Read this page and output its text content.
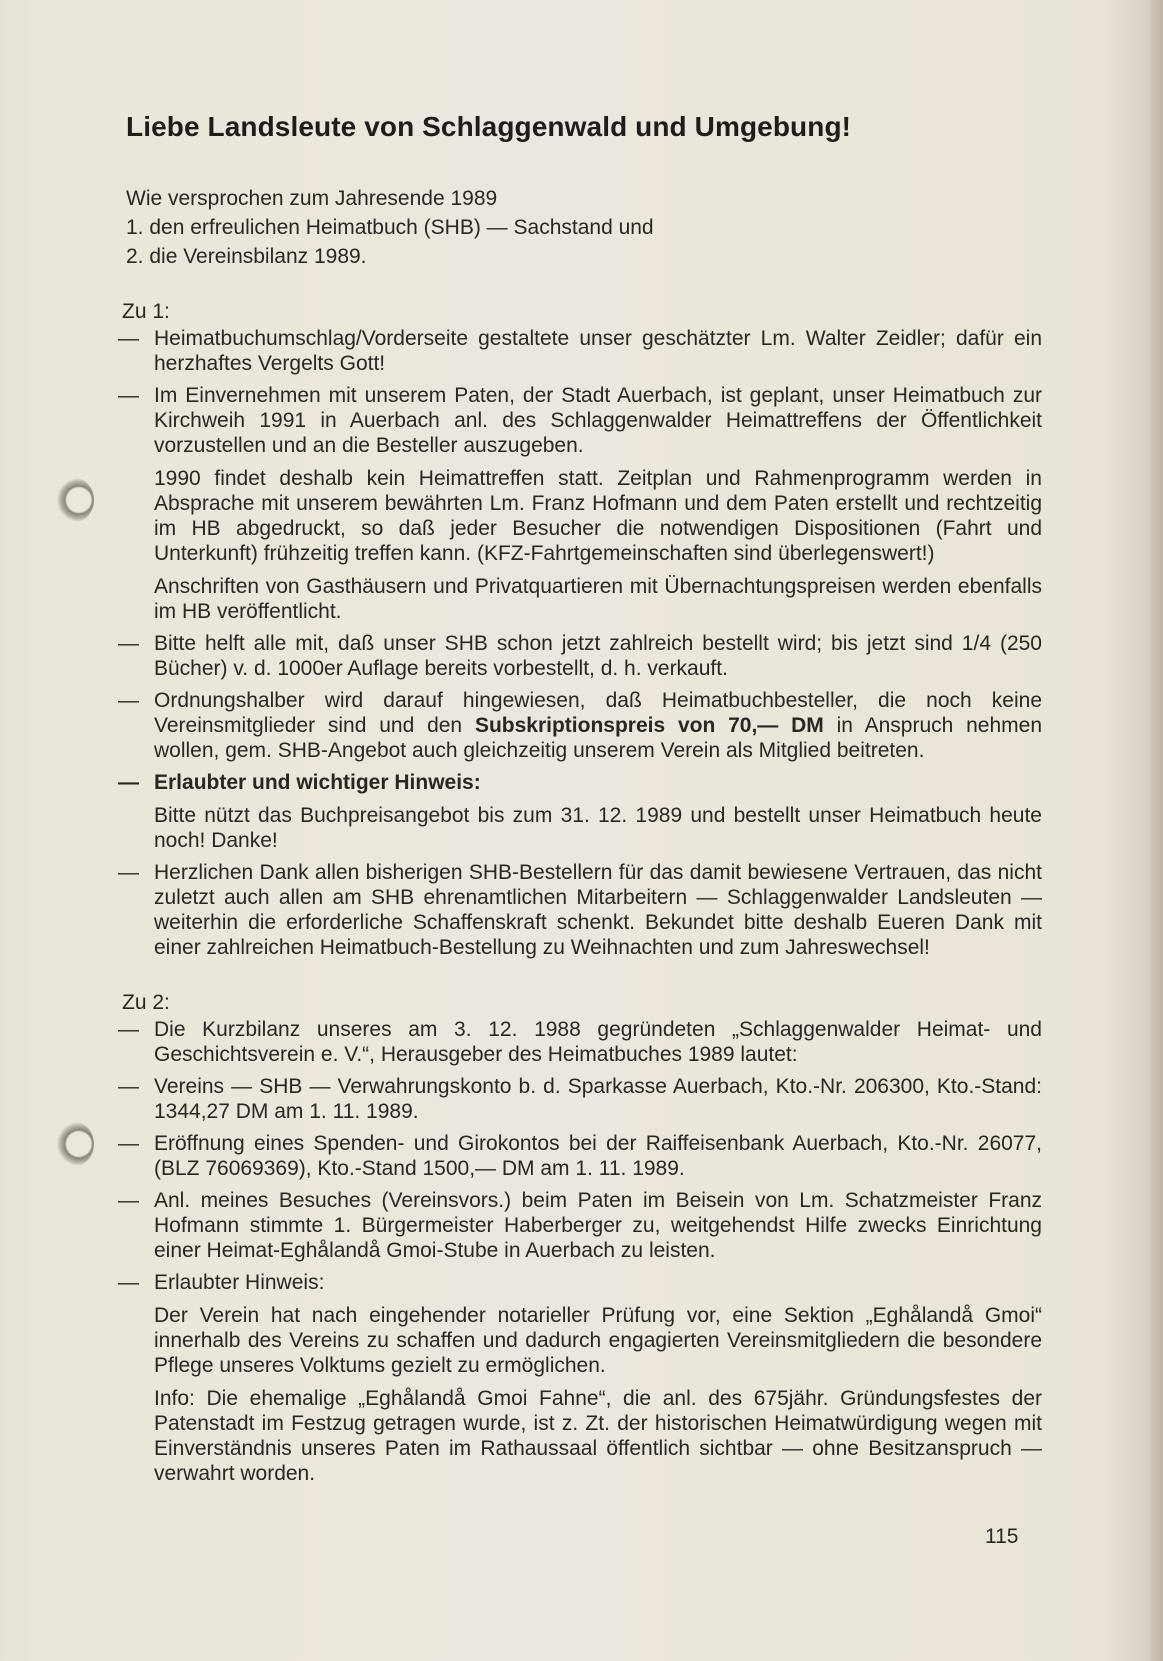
Liebe Landsleute von Schlaggenwald und Umgebung!

Wie versprochen zum Jahresende 1989

1. den erfreulichen Heimatbuch (SHB) — Sachstand und

2. die Vereinsbilanz 1989.

Zu 1:
— Heimatbuchumschlag/Vorderseite gestaltete unser geschätzter Lm. Walter Zeidler; dafür ein herzhaftes Vergelts Gott!

— Im Einvernehmen mit unserem Paten, der Stadt Auerbach, ist geplant, unser Heimatbuch zur Kirchweih 1991 in Auerbach anl. des Schlaggenwalder Heimattreffens der Öffentlichkeit vorzustellen und an die Besteller auszugeben.

1990 findet deshalb kein Heimattreffen statt. Zeitplan und Rahmenprogramm werden in Absprache mit unserem bewährten Lm. Franz Hofmann und dem Paten erstellt und rechtzeitig im HB abgedruckt, so daß jeder Besucher die notwendigen Dispositionen (Fahrt und Unterkunft) frühzeitig treffen kann. (KFZ-Fahrtgemeinschaften sind überlegenswert!)

Anschriften von Gasthäusern und Privatquartieren mit Übernachtungspreisen werden ebenfalls im HB veröffentlicht.

— Bitte helft alle mit, daß unser SHB schon jetzt zahlreich bestellt wird; bis jetzt sind 1/4 (250 Bücher) v. d. 1000er Auflage bereits vorbestellt, d. h. verkauft.

— Ordnungshalber wird darauf hingewiesen, daß Heimatbuchbesteller, die noch keine Vereinsmitglieder sind und den Subskriptionspreis von 70,— DM in Anspruch nehmen wollen, gem. SHB-Angebot auch gleichzeitig unserem Verein als Mitglied beitreten.

— Erlaubter und wichtiger Hinweis:

Bitte nützt das Buchpreisangebot bis zum 31. 12. 1989 und bestellt unser Heimatbuch heute noch! Danke!

— Herzlichen Dank allen bisherigen SHB-Bestellern für das damit bewiesene Vertrauen, das nicht zuletzt auch allen am SHB ehrenamtlichen Mitarbeitern — Schlaggenwalder Landsleuten — weiterhin die erforderliche Schaffenskraft schenkt. Bekundet bitte deshalb Eueren Dank mit einer zahlreichen Heimatbuch-Bestellung zu Weihnachten und zum Jahreswechsel!

Zu 2:
— Die Kurzbilanz unseres am 3. 12. 1988 gegründeten „Schlaggenwalder Heimat- und Geschichtsverein e. V.“, Herausgeber des Heimatbuches 1989 lautet:

— Vereins — SHB — Verwahrungskonto b. d. Sparkasse Auerbach, Kto.-Nr. 206300, Kto.-Stand: 1344,27 DM am 1. 11. 1989.

— Eröffnung eines Spenden- und Girokontos bei der Raiffeisenbank Auerbach, Kto.-Nr. 26077, (BLZ 76069369), Kto.-Stand 1500,— DM am 1. 11. 1989.

— Anl. meines Besuches (Vereinsvors.) beim Paten im Beisein von Lm. Schatzmeister Franz Hofmann stimmte 1. Bürgermeister Haberberger zu, weitgehendst Hilfe zwecks Einrichtung einer Heimat-Eghålandå Gmoi-Stube in Auerbach zu leisten.

— Erlaubter Hinweis:

Der Verein hat nach eingehender notarieller Prüfung vor, eine Sektion „Eghålandå Gmoi“ innerhalb des Vereins zu schaffen und dadurch engagierten Vereinsmitgliedern die besondere Pflege unseres Volktums gezielt zu ermöglichen.

Info: Die ehemalige „Eghålandå Gmoi Fahne“, die anl. des 675jähr. Gründungsfestes der Patenstadt im Festzug getragen wurde, ist z. Zt. der historischen Heimatwürdigung wegen mit Einverständnis unseres Paten im Rathaussaal öffentlich sichtbar — ohne Besitzanspruch — verwahrt worden.

115
